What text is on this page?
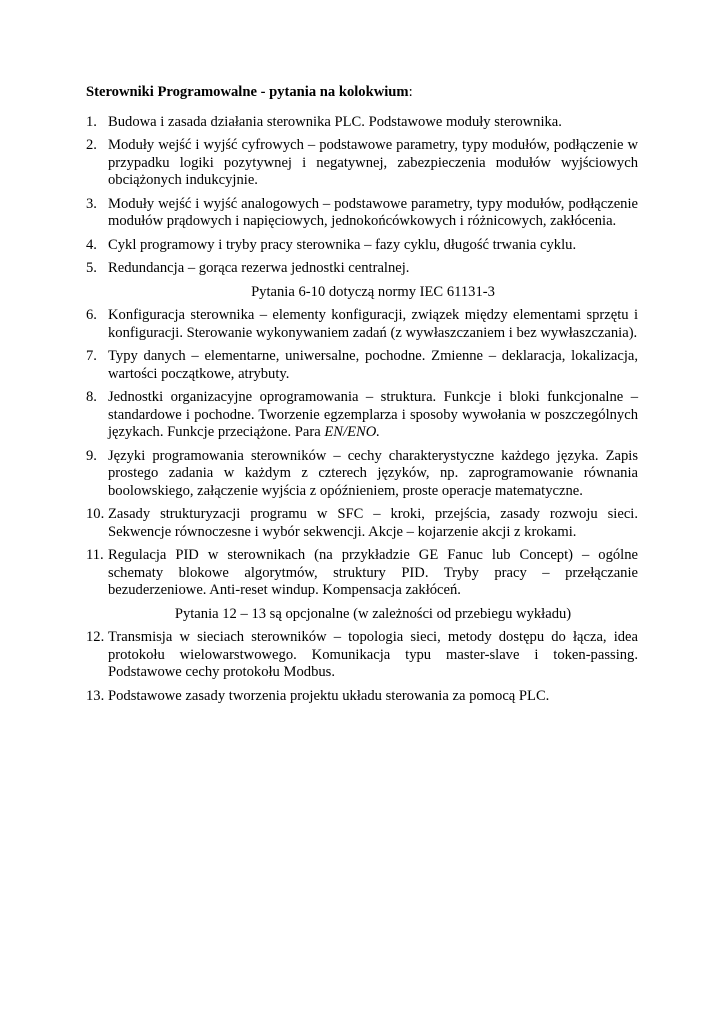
Sterowniki Programowalne - pytania na kolokwium:
1. Budowa i zasada działania sterownika PLC. Podstawowe moduły sterownika.
2. Moduły wejść i wyjść cyfrowych – podstawowe parametry, typy modułów, podłączenie w przypadku logiki pozytywnej i negatywnej, zabezpieczenia modułów wyjściowych obciążonych indukcyjnie.
3. Moduły wejść i wyjść analogowych – podstawowe parametry, typy modułów, podłączenie modułów prądowych i napięciowych, jednokońcówkowych i różnicowych, zakłócenia.
4. Cykl programowy i tryby pracy sterownika – fazy cyklu, długość trwania cyklu.
5. Redundancja – gorąca rezerwa jednostki centralnej.
Pytania 6-10 dotyczą normy IEC 61131-3
6. Konfiguracja sterownika – elementy konfiguracji, związek między elementami sprzętu i konfiguracji. Sterowanie wykonywaniem zadań (z wywłaszczaniem i bez wywłaszczania).
7. Typy danych – elementarne, uniwersalne, pochodne. Zmienne – deklaracja, lokalizacja, wartości początkowe, atrybuty.
8. Jednostki organizacyjne oprogramowania – struktura. Funkcje i bloki funkcjonalne – standardowe i pochodne. Tworzenie egzemplarza i sposoby wywołania w poszczególnych językach. Funkcje przeciążone. Para EN/ENO.
9. Języki programowania sterowników – cechy charakterystyczne każdego języka. Zapis prostego zadania w każdym z czterech języków, np. zaprogramowanie równania boolowskiego, załączenie wyjścia z opóźnieniem, proste operacje matematyczne.
10. Zasady strukturyzacji programu w SFC – kroki, przejścia, zasady rozwoju sieci. Sekwencje równoczesne i wybór sekwencji. Akcje – kojarzenie akcji z krokami.
11. Regulacja PID w sterownikach (na przykładzie GE Fanuc lub Concept) – ogólne schematy blokowe algorytmów, struktury PID. Tryby pracy – przełączanie bezuderzeniowe. Anti-reset windup. Kompensacja zakłóceń.
Pytania 12 – 13 są opcjonalne (w zależności od przebiegu wykładu)
12. Transmisja w sieciach sterowników – topologia sieci, metody dostępu do łącza, idea protokołu wielowarstwowego. Komunikacja typu master-slave i token-passing. Podstawowe cechy protokołu Modbus.
13. Podstawowe zasady tworzenia projektu układu sterowania za pomocą PLC.
